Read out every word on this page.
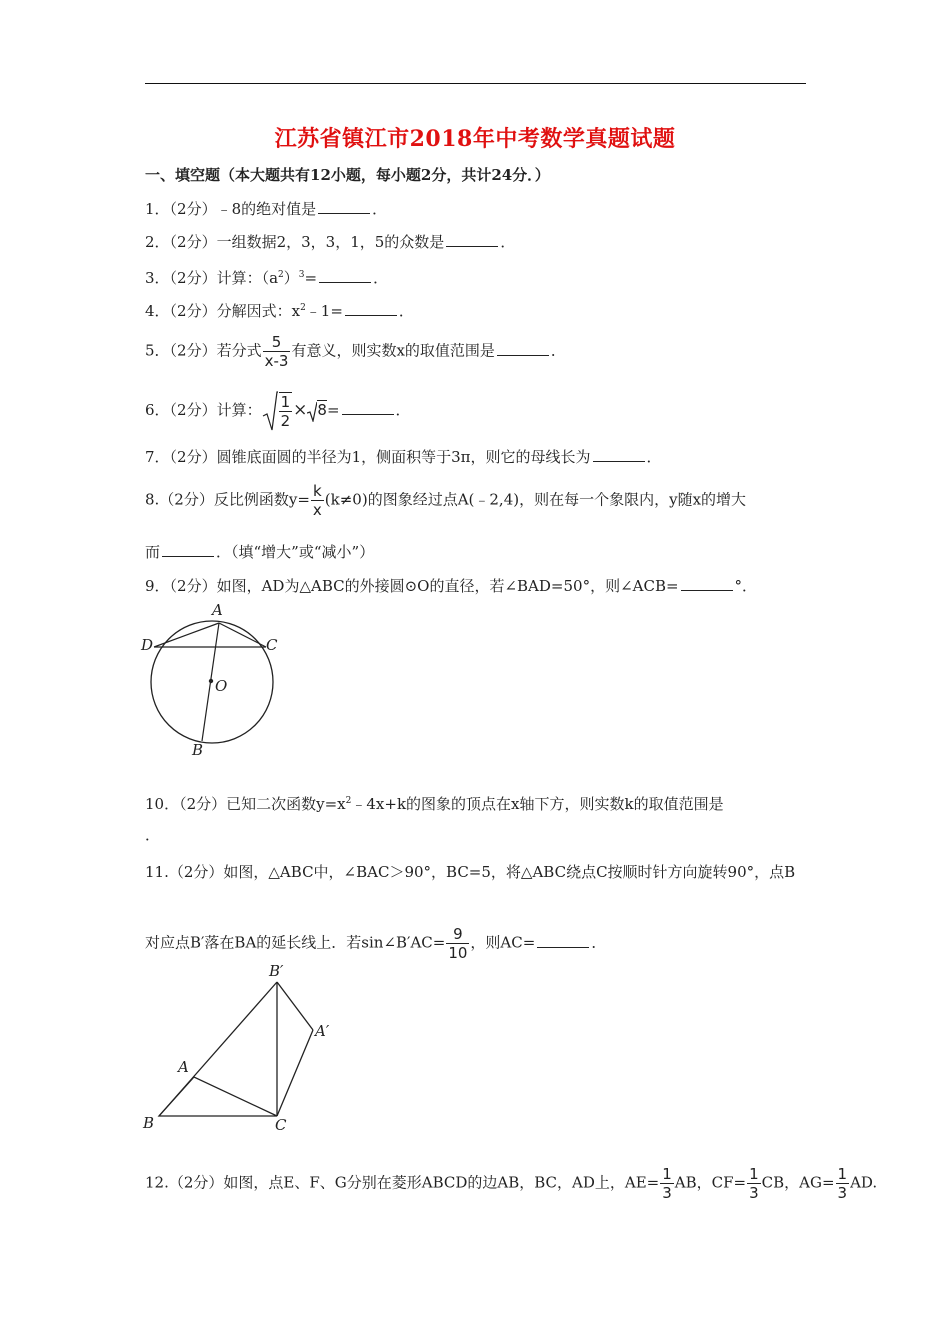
江苏省镇江市2018年中考数学真题试题
一、填空题（本大题共有12小题，每小题2分，共计24分．）
1．（2分）﹣8的绝对值是	．
2．（2分）一组数据2，3，3，1，5的众数是	．
3．（2分）计算：$(a^2)^3=$	．
4．（2分）分解因式：$x^2﹣1=$	．
5．（2分）若分式 $\frac{5}{x-3}$ 有意义，则实数x的取值范围是	．
6．（2分）计算： $\frac{1}{2} \times 8=$	．
7．（2分）圆锥底面圆的半径为1，侧面积等于3π，则它的母线长为	．
8.（2分）反比例函数$y= \frac{k}{x} (k\ne 0)$的图象经过点A(﹣2,4)，则在每一个象限内，y随x的增大
而	．（填“增大”或“减小”）
9．（2分）如图，AD为△ABC的外接圆⊙O的直径，若∠BAD=50°，则∠ACB=	°．
A
D	C
O
B
10．（2分）已知二次函数$y=x^2﹣4x+k$的图象的顶点在x轴下方，则实数k的取值范围是
．
11.（2分）如图，△ABC中，∠BAC＞90°，BC=5，将△ABC绕点C按顺时针方向旋转90°，点B
对应点B′落在BA的延长线上．若sin∠B′AC= $\frac{9}{10}$ ，则AC=	．
B′
A′
A
B	C
12.（2分）如图，点E、F、G分别在菱形ABCD的边AB，BC，AD上，$AE= \frac{1}{3}$ AB，$CF= \frac{1}{3}$ CB，$AG= \frac{1}{3}$ AD.
